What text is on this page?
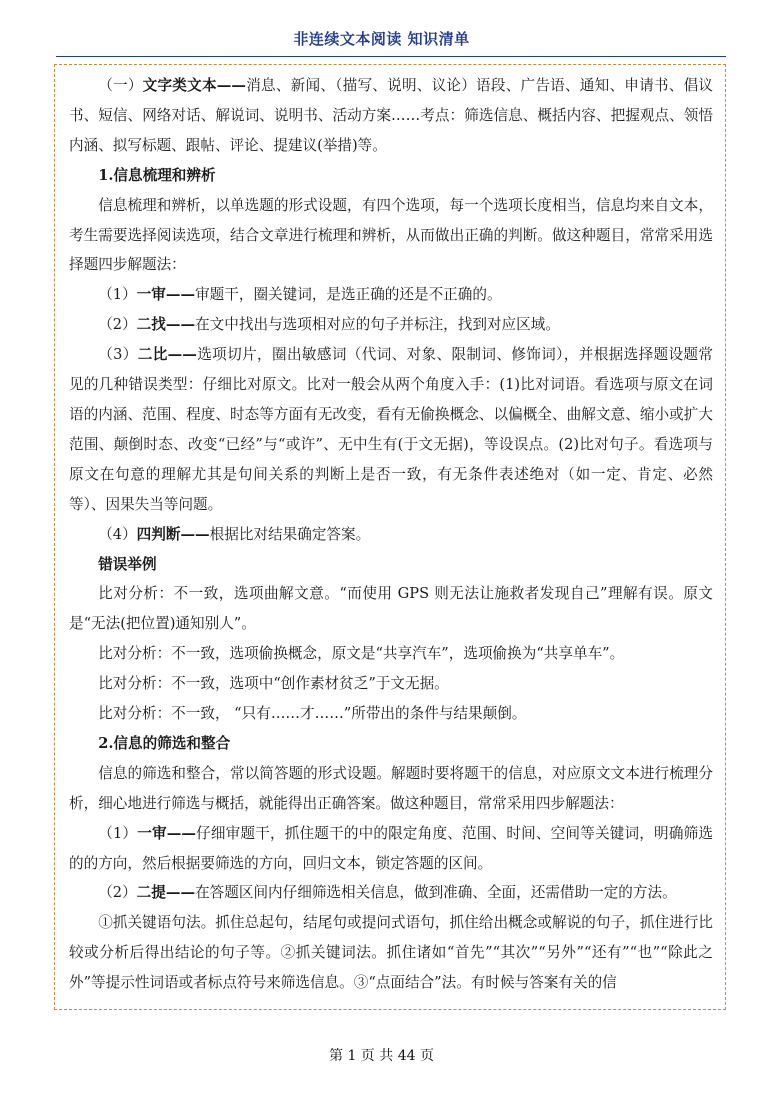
非连续文本阅读 知识清单

（一）文字类文本——消息、新闻、（描写、说明、议论）语段、广告语、通知、申请书、倡议书、短信、网络对话、解说词、说明书、活动方案……考点：筛选信息、概括内容、把握观点、领悟内涵、拟写标题、跟帖、评论、提建议(举措)等。

1.信息梳理和辨析

信息梳理和辨析，以单选题的形式设题，有四个选项，每一个选项长度相当，信息均来自文本，考生需要选择阅读选项，结合文章进行梳理和辨析，从而做出正确的判断。做这种题目，常常采用选择题四步解题法：

（1）一审——审题干，圈关键词，是选正确的还是不正确的。

（2）二找——在文中找出与选项相对应的句子并标注，找到对应区域。

（3）二比——选项切片，圈出敏感词（代词、对象、限制词、修饰词），并根据选择题设题常见的几种错误类型：仔细比对原文。比对一般会从两个角度入手：(1)比对词语。看选项与原文在词语的内涵、范围、程度、时态等方面有无改变，看有无偷换概念、以偏概全、曲解文意、缩小或扩大范围、颠倒时态、改变“已经”与“或许”、无中生有(于文无据)，等设误点。(2)比对句子。看选项与原文在句意的理解尤其是句间关系的判断上是否一致，有无条件表述绝对（如一定、肯定、必然等）、因果失当等问题。

（4）四判断——根据比对结果确定答案。

错误举例

比对分析：不一致，选项曲解文意。“而使用 GPS 则无法让施救者发现自己”理解有误。原文是“无法(把位置)通知别人”。

比对分析：不一致，选项偷换概念，原文是“共享汽车”，选项偷换为“共享单车”。

比对分析：不一致，选项中“创作素材贫乏”于文无据。

比对分析：不一致， “只有……才……”所带出的条件与结果颠倒。

2.信息的筛选和整合

信息的筛选和整合，常以简答题的形式设题。解题时要将题干的信息，对应原文文本进行梳理分析，细心地进行筛选与概括，就能得出正确答案。做这种题目，常常采用四步解题法：

（1）一审——仔细审题干，抓住题干的中的限定角度、范围、时间、空间等关键词，明确筛选的的方向，然后根据要筛选的方向，回归文本，锁定答题的区间。

（2）二提——在答题区间内仔细筛选相关信息，做到准确、全面，还需借助一定的方法。

①抓关键语句法。抓住总起句，结尾句或提问式语句，抓住给出概念或解说的句子，抓住进行比较或分析后得出结论的句子等。②抓关键词法。抓住诸如“首先”“其次”“另外”“还有”“也”“除此之外”等提示性词语或者标点符号来筛选信息。③“点面结合”法。有时候与答案有关的信

第 1 页 共 44 页
